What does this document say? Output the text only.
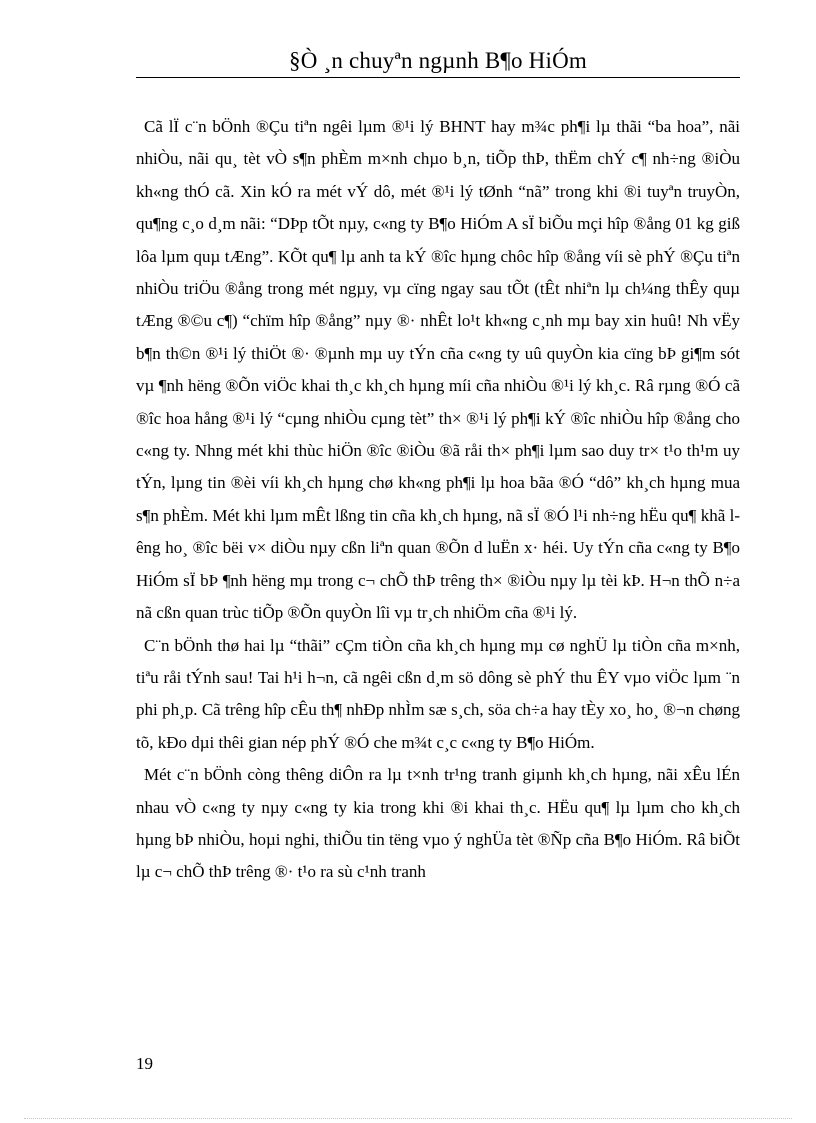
§Ò ¸n chuyªn ngµnh B¶o HiÓm

Cã lÏ c¨n bÖnh ®Çu tiªn ngêi lµm ®¹i lý BHNT hay m¾c ph¶i lµ thãi “ba hoa”, nãi nhiÒu, nãi qu¸ tèt vÒ s¶n phÈm m×nh chµo b¸n, tiÕp thÞ, thËm chÝ c¶ nh÷ng ®iÒu kh«ng thÓ cã. Xin kÓ ra mét vÝ dô, mét ®¹i lý tØnh “nã” trong khi ®i tuyªn truyÒn, qu¶ng c¸o d¸m nãi: “DÞp tÕt nµy, c«ng ty B¶o HiÓm A sÏ biÕu mçi hîp ®ång 01 kg giß lôa lµm quµ tÆng”. KÕt qu¶ lµ anh ta kÝ ®îc hµng chôc hîp ®ång víi sè phÝ ®Çu tiªn nhiÒu triÖu ®ång trong mét ngµy, vµ cïng ngay sau tÕt (tÊt nhiªn lµ ch¼ng thÊy quµ tÆng ®©u c¶) “chïm hîp ®ång” nµy ®· nhÊt lo¹t kh«ng c¸nh mµ bay xin huû! Nh vËy b¶n th©n ®¹i lý thiÖt ®· ®µnh mµ uy tÝn cña c«ng ty uû quyÒn kia cïng bÞ gi¶m sót vµ ¶nh hëng ®Õn viÖc khai th¸c kh¸ch hµng míi cña nhiÒu ®¹i lý kh¸c. Râ rµng ®Ó cã ®îc hoa hång ®¹i lý “cµng nhiÒu cµng tèt” th× ®¹i lý ph¶i kÝ ®îc nhiÒu hîp ®ång cho c«ng ty. Nhng mét khi thùc hiÖn ®îc ®iÒu ®ã råi th× ph¶i lµm sao duy tr× t¹o th¹m uy tÝn, lµng tin ®èi víi kh¸ch hµng chø kh«ng ph¶i lµ hoa bãa ®Ó “dô” kh¸ch hµng mua s¶n phÈm. Mét khi lµm mÊt lßng tin cña kh¸ch hµng, nã sÏ ®Ó l¹i nh÷ng hËu qu¶ khã lêng ho¸ ®îc bëi v× diÒu nµy cßn liªn quan ®Õn d luËn x· héi. Uy tÝn cña c«ng ty B¶o HiÓm sÏ bÞ ¶nh hëng mµ trong c¬ chÕ thÞ trêng th× ®iÒu nµy lµ tèi kÞ. H¬n thÕ n÷a nã cßn quan trùc tiÕp ®Õn quyÒn lîi vµ tr¸ch nhiÖm cña ®¹i lý.

C¨n bÖnh thø hai lµ “thãi” cÇm tiÒn cña kh¸ch hµng mµ cø nghÜ lµ tiÒn cña m×nh, tiªu råi tÝnh sau! Tai h¹i h¬n, cã ngêi cßn d¸m sö dông sè phÝ thu ÊY vµo viÖc lµm ¨n phi ph¸p. Cã trêng hîp cÊu th¶ nhÐp nhÌm sæ s¸ch, söa ch÷a hay tÈy xo¸ ho¸ ®¬n chøng tõ, kÐo dµi thêi gian nép phÝ ®Ó che m¾t c¸c c«ng ty B¶o HiÓm.

Mét c¨n bÖnh còng thêng diÔn ra lµ t×nh tr¹ng tranh giµnh kh¸ch hµng, nãi xÊu lÉn nhau vÒ c«ng ty nµy c«ng ty kia trong khi ®i khai th¸c. HËu qu¶ lµ lµm cho kh¸ch hµng bÞ nhiÒu, hoµi nghi, thiÕu tin tëng vµo ý nghÜa tèt ®Ñp cña B¶o HiÓm. Râ biÕt lµ c¬ chÕ thÞ trêng ®· t¹o ra sù c¹nh tranh

19
